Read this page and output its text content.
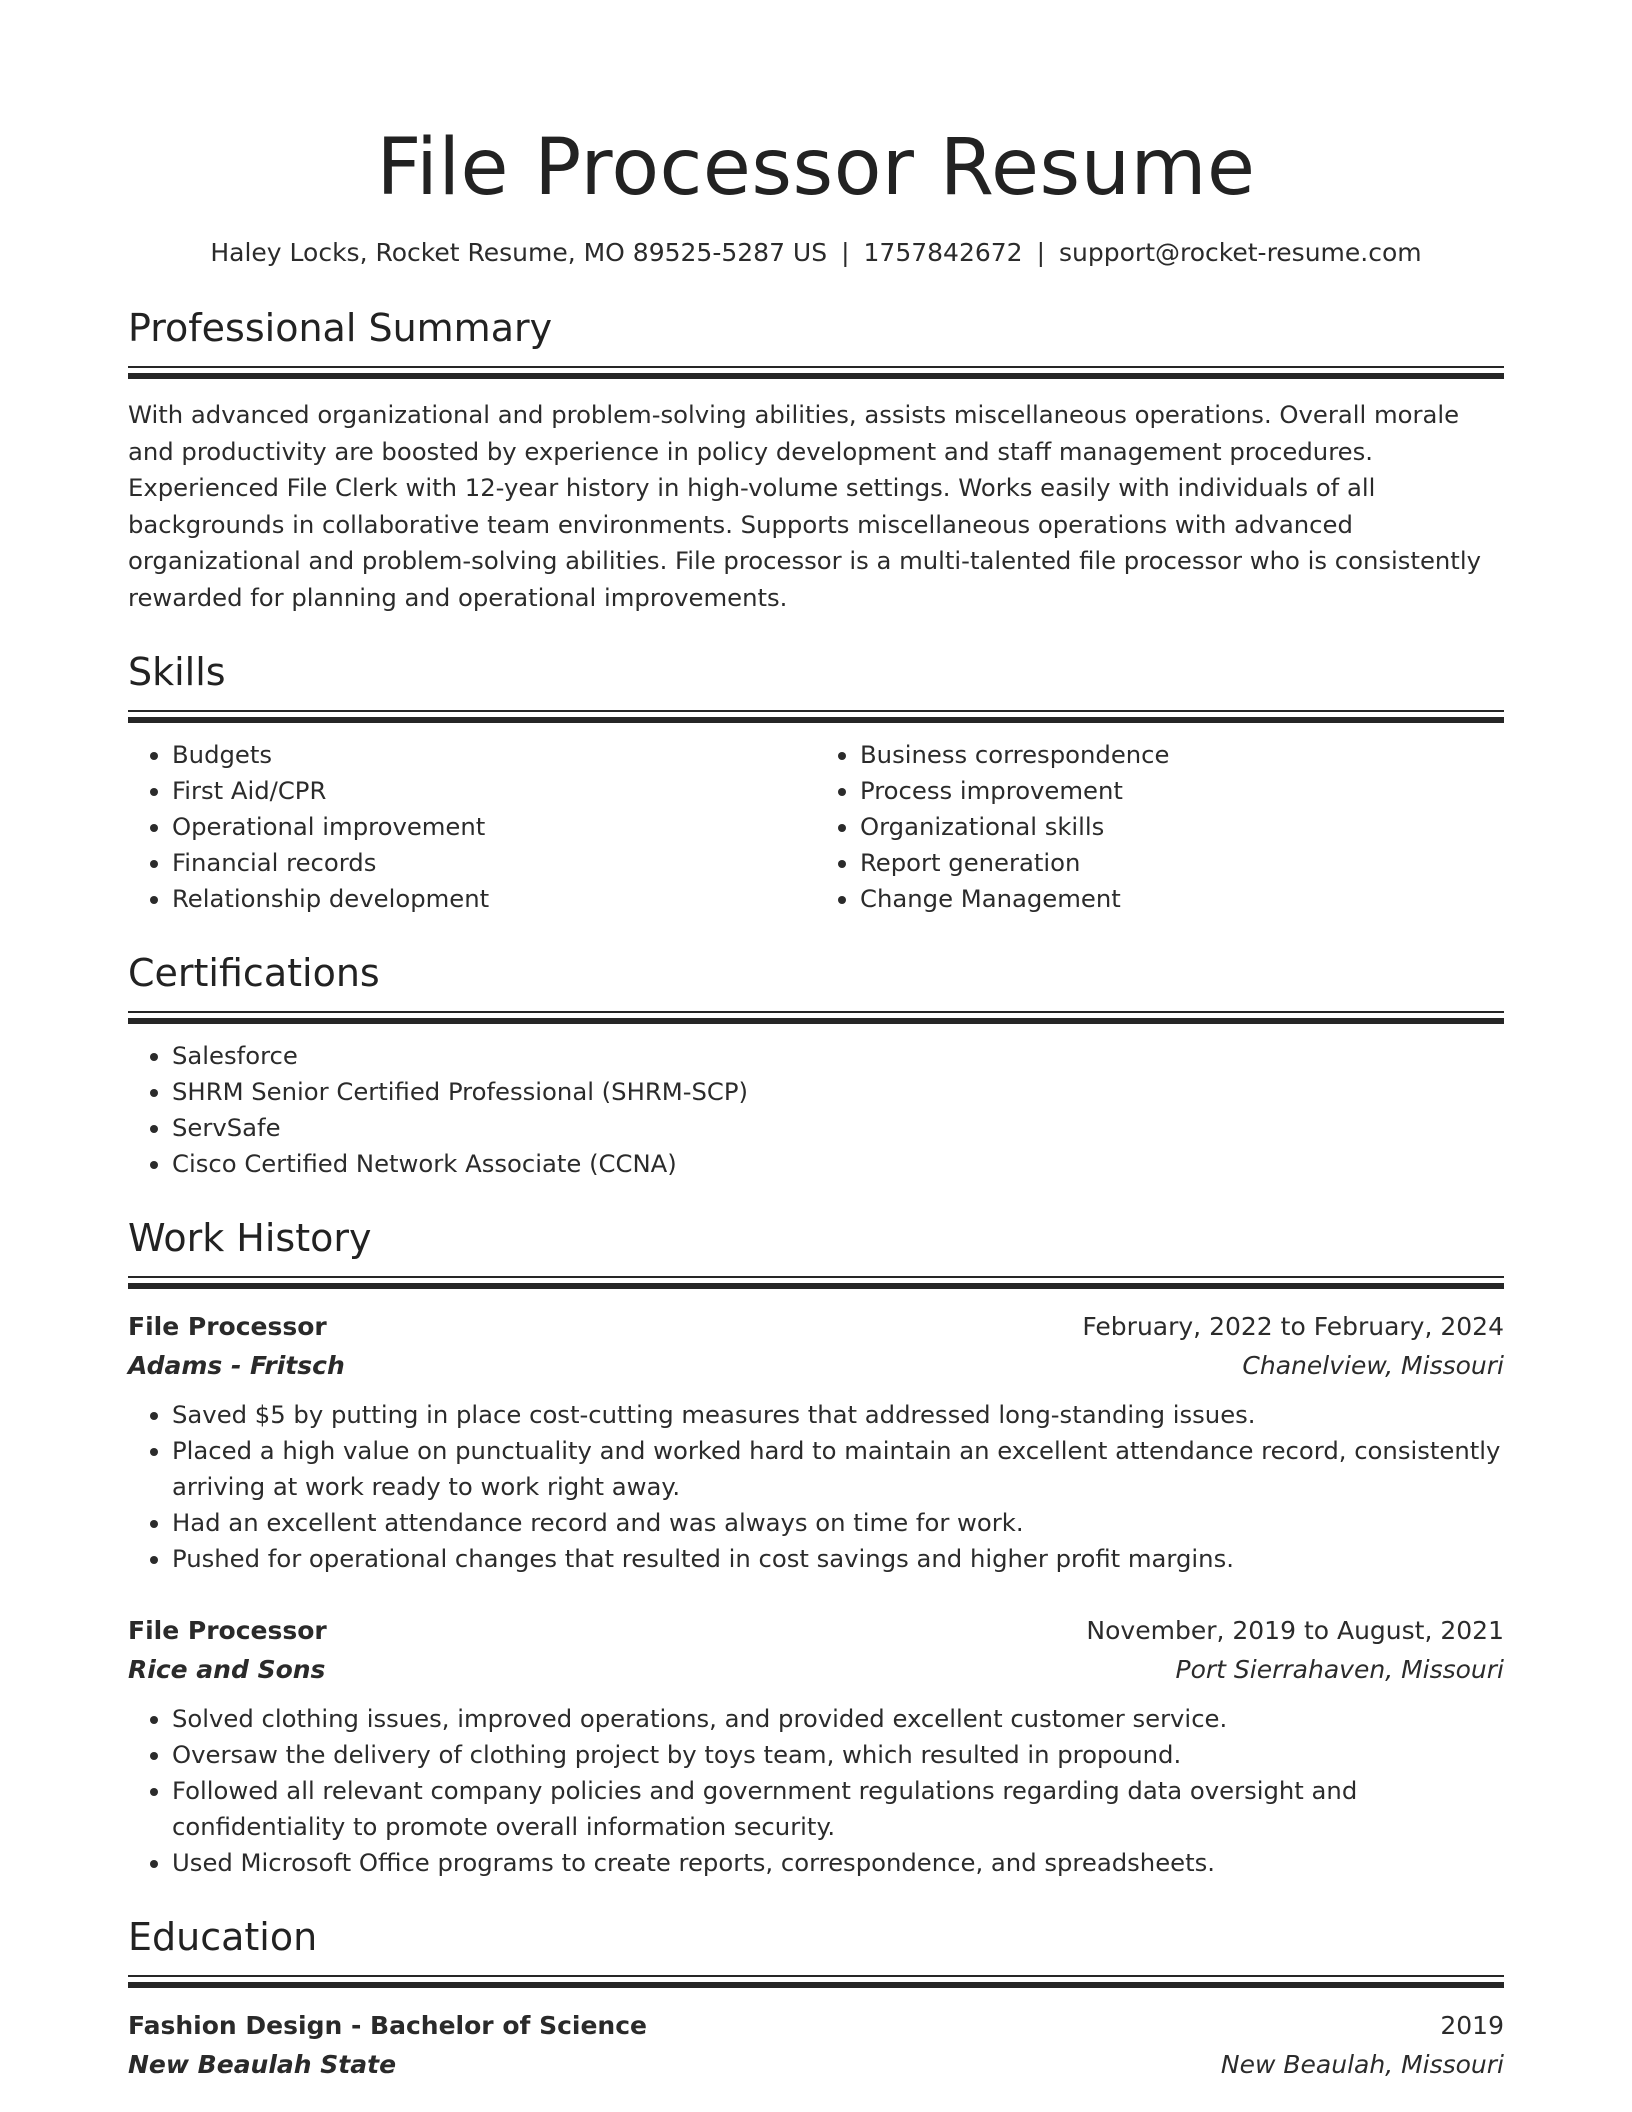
File Processor Resume
Haley Locks, Rocket Resume, MO 89525-5287 US | 1757842672 | support@rocket-resume.com
Professional Summary

With advanced organizational and problem-solving abilities, assists miscellaneous operations. Overall morale and productivity are boosted by experience in policy development and staff management procedures. Experienced File Clerk with 12-year history in high-volume settings. Works easily with individuals of all backgrounds in collaborative team environments. Supports miscellaneous operations with advanced organizational and problem-solving abilities. File processor is a multi-talented file processor who is consistently rewarded for planning and operational improvements.

Skills
• Budgets
• First Aid/CPR
• Operational improvement
• Financial records
• Relationship development
• Business correspondence
• Process improvement
• Organizational skills
• Report generation
• Change Management
Certifications
• Salesforce
• SHRM Senior Certified Professional (SHRM-SCP)
• ServSafe
• Cisco Certified Network Associate (CCNA)
Work History
File Processor	February, 2022 to February, 2024
Adams - Fritsch	Chanelview, Missouri
• Saved $5 by putting in place cost-cutting measures that addressed long-standing issues.
• Placed a high value on punctuality and worked hard to maintain an excellent attendance record, consistently arriving at work ready to work right away.
• Had an excellent attendance record and was always on time for work.
• Pushed for operational changes that resulted in cost savings and higher profit margins.
File Processor	November, 2019 to August, 2021
Rice and Sons	Port Sierrahaven, Missouri
• Solved clothing issues, improved operations, and provided excellent customer service.
• Oversaw the delivery of clothing project by toys team, which resulted in propound.
• Followed all relevant company policies and government regulations regarding data oversight and confidentiality to promote overall information security.
• Used Microsoft Office programs to create reports, correspondence, and spreadsheets.
Education
Fashion Design - Bachelor of Science	2019
New Beaulah State	New Beaulah, Missouri
